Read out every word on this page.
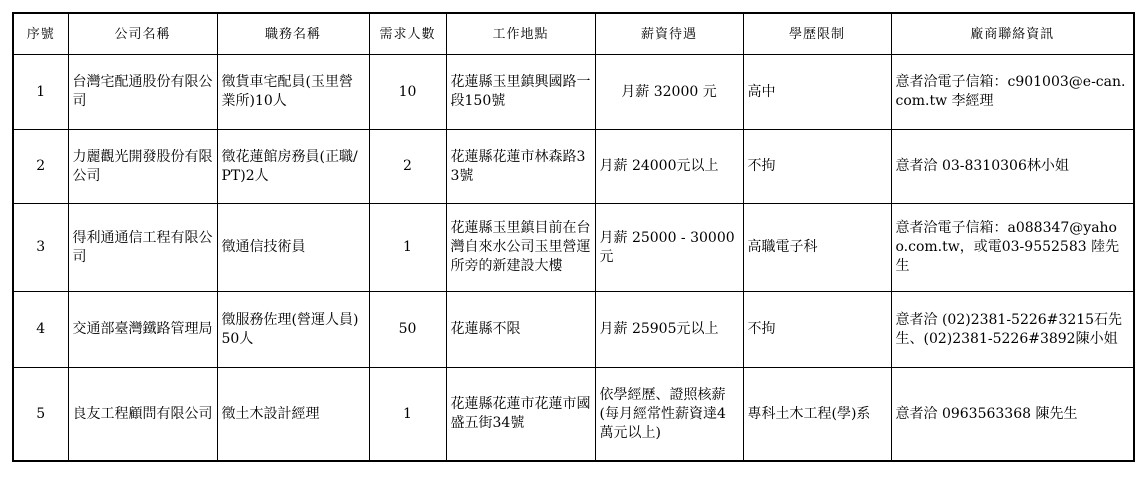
序號	公司名稱	職務名稱	需求人數	工作地點	薪資待遇	學歷限制	廠商聯絡資訊
1	台灣宅配通股份有限公司	徵貨車宅配員(玉里營業所)10人	10	花蓮縣玉里鎮興國路一段150號	月薪 32000 元	高中	意者洽電子信箱：c901003@e-can.com.tw 李經理
2	力麗觀光開發股份有限公司	徵花蓮館房務員(正職/PT)2人	2	花蓮縣花蓮市林森路33號	月薪 24000元以上	不拘	意者洽 03-8310306林小姐
3	得利通通信工程有限公司	徵通信技術員	1	花蓮縣玉里鎮目前在台灣自來水公司玉里營運所旁的新建設大樓	月薪 25000 - 30000 元	高職電子科	意者洽電子信箱：a088347@yahoo.com.tw，或電03-9552583 陸先生
4	交通部臺灣鐵路管理局	徵服務佐理(營運人員)50人	50	花蓮縣不限	月薪 25905元以上	不拘	意者洽 (02)2381-5226#3215石先生、(02)2381-5226#3892陳小姐
5	良友工程顧問有限公司	徵土木設計經理	1	花蓮縣花蓮市花蓮市國盛五街34號	依學經歷、證照核薪(每月經常性薪資達4萬元以上)	專科土木工程(學)系	意者洽 0963563368 陳先生
